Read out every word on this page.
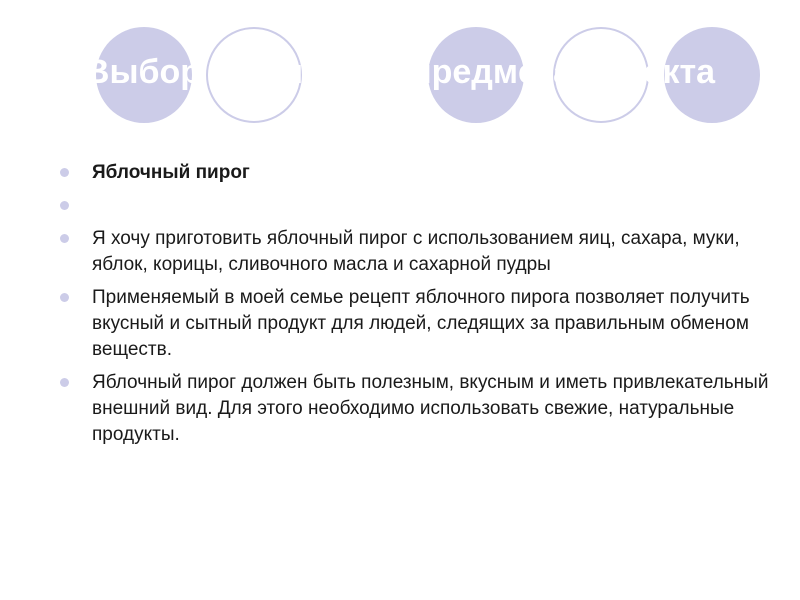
Выбор и описание предмета проекта
Яблочный пирог
Я хочу приготовить яблочный пирог с использованием яиц, сахара, муки, яблок, корицы, сливочного масла и сахарной пудры
Применяемый в моей семье рецепт яблочного пирога позволяет получить вкусный и сытный продукт для людей, следящих за правильным обменом веществ.
Яблочный пирог должен быть полезным, вкусным и иметь привлекательный внешний вид. Для этого необходимо использовать свежие, натуральные продукты.
